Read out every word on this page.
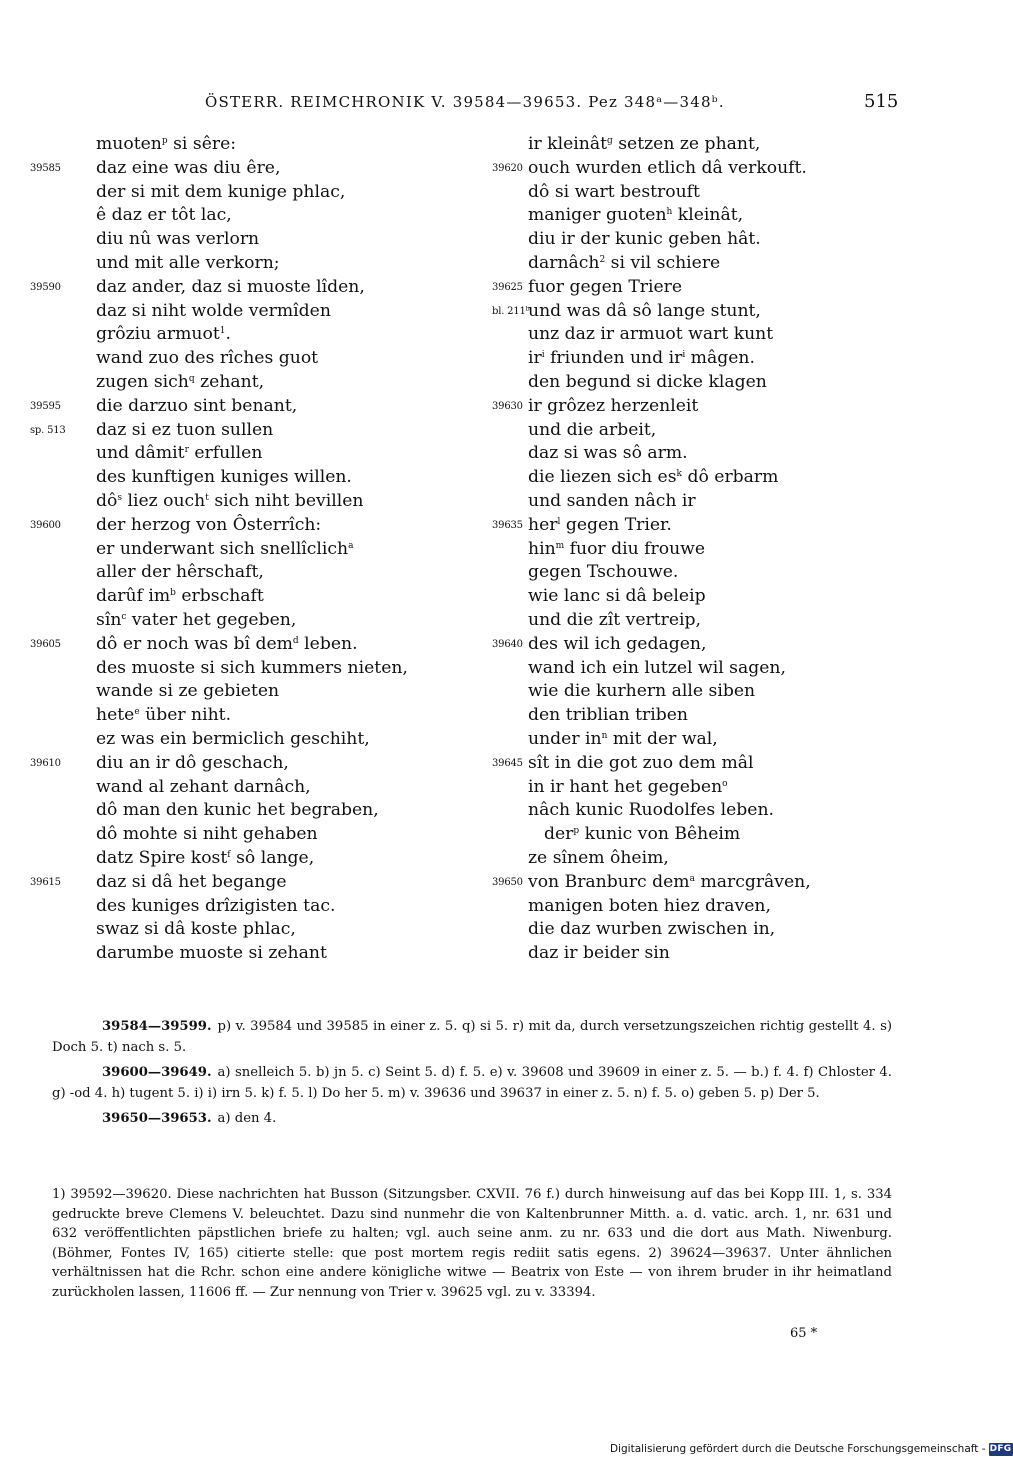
ÖSTERR. REIMCHRONIK V. 39584—39653. Pez 348ᵃ—348ᵇ.	515
muoten$^p$ si sêre:
39585 daz eine was diu êre,
der si mit dem kunige phlac,
ê daz er tôt lac,
diu nû was verlorn
und mit alle verkorn;
39590 daz ander, daz si muoste lîden,
daz si niht wolde vermîden
grôziu armuot$^1$.
wand zuo des rîches guot
zugen sich$^q$ zehant,
39595 die darzuo sint benant,
sp. 513 daz si ez tuon sullen
und dâmit$^r$ erfullen
des kunftigen kuniges willen.
$dô^s$ liez ouch$^t$ sich niht bevillen
39600 der herzog von Ôsterrîch:
er underwant sich snellîclich$^a$
aller der hêrschaft,
darûf $im^b$ erbschaft
sîn$^c$ vater het gegeben,
39605 dô er noch was bî dem$^d$ leben.
des muoste si sich kummers nieten,
wande si ze gebieten
hete$^e$ über niht.
ez was ein bermiclich geschiht,
39610 diu an ir dô geschach,
wand al zehant darnâch,
dô man den kunic het begraben,
dô mohte si niht gehaben
datz Spire kost$^f$ sô lange,
39615 daz si dâ het begange
des kuniges drîzigisten tac.
swaz si dâ koste phlac,
darumbe muoste si zehant
ir kleinât$^g$ setzen ze phant,
39620 ouch wurden etlich dâ verkouft.
dô si wart bestrouft
maniger guoten$^h$ kleinât,
diu ir der kunic geben hât.
darnâch$^2$ si vil schiere
39625 fuor gegen Triere
bl. 211ᵇ
und was dâ sô lange stunt,
unz daz ir armuot wart kunt
$ir^i$ friunden und $ir^i$ mâgen.
den begund si dicke klagen
39630 ir grôzez herzenleit
und die arbeit,
daz si was sô arm.
die liezen sich $es^k$ dô erbarm
und sanden nâch ir
39635 her$^l$ gegen Trier.
hin$^m$ fuor diu frouwe
gegen Tschouwe.
wie lanc si dâ beleip
und die zît vertreip,
39640 des wil ich gedagen,
wand ich ein lutzel wil sagen,
wie die kurhern alle siben
den triblian triben
under $in^n$ mit der wal,
39645 sît in die got zuo dem mâl
in ir hant het gegeben$^o$
nâch kunic Ruodolfes leben.
der$^p$ kunic von Bêheim
ze sînem ôheim,
39650 von Branburc dem$^a$ marcgrâven,
manigen boten hiez draven,
die daz wurben zwischen in,
daz ir beider sin
39584—39599. p) v. 39584 und 39585 in einer z. 5. q) si 5. r) mit da, durch versetzungszeichen richtig gestellt 4. s) Doch 5. t) nach s. 5.
39600—39649. a) snelleich 5. b) jn 5. c) Seint 5. d) f. 5. e) v. 39608 und 39609 in einer z. 5. — b.) f. 4. f) Chloster 4. g) -od 4. h) tugent 5. i) i) irn 5. k) f. 5. l) Do her 5. m) v. 39636 und 39637 in einer z. 5. n) f. 5. o) geben 5. p) Der 5.
39650—39653. a) den 4.
1) 39592—39620. Diese nachrichten hat Busson (Sitzungsber. CXVII. 76 f.) durch hinweisung auf das bei Kopp III. 1, s. 334 gedruckte breve Clemens V. beleuchtet. Dazu sind nunmehr die von Kaltenbrunner Mitth. a. d. vatic. arch. 1, nr. 631 und 632 veröffentlichten päpstlichen briefe zu halten; vgl. auch seine anm. zu nr. 633 und die dort aus Math. Niwenburg. (Böhmer, Fontes IV, 165) citierte stelle: que post mortem regis rediit satis egens. 2) 39624—39637. Unter ähnlichen verhältnissen hat die Rchr. schon eine andere königliche witwe — Beatrix von Este — von ihrem bruder in ihr heimatland zurückholen lassen, 11606 ff. — Zur nennung von Trier v. 39625 vgl. zu v. 33394.
65 *
Digitalisierung gefördert durch die Deutsche Forschungsgemeinschaft - DFG
